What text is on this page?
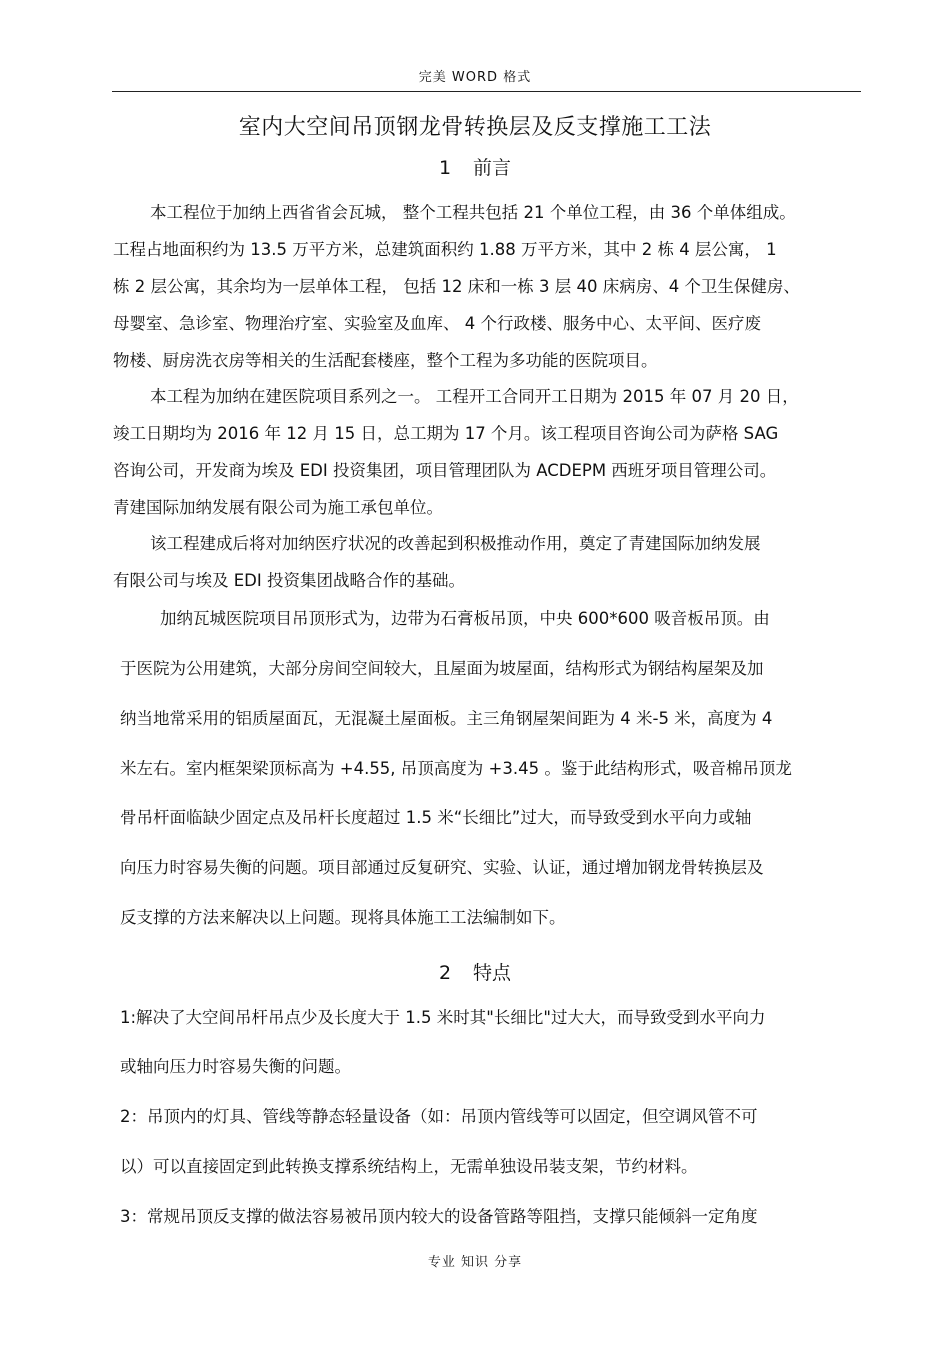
完美 WORD 格式
室内大空间吊顶钢龙骨转换层及反支撑施工工法
1 前言
本工程位于加纳上西省省会瓦城， 整个工程共包括 21 个单位工程，由 36 个单体组成。
工程占地面积约为 13.5 万平方米，总建筑面积约 1.88 万平方米，其中 2 栋 4 层公寓， 1
栋 2 层公寓，其余均为一层单体工程， 包括 12 床和一栋 3 层 40 床病房、4 个卫生保健房、
母婴室、急诊室、物理治疗室、实验室及血库、 4 个行政楼、服务中心、太平间、医疗废
物楼、厨房洗衣房等相关的生活配套楼座，整个工程为多功能的医院项目。
本工程为加纳在建医院项目系列之一。 工程开工合同开工日期为 2015 年 07 月 20 日，
竣工日期均为 2016 年 12 月 15 日，总工期为 17 个月。该工程项目咨询公司为萨格 SAG
咨询公司，开发商为埃及 EDI 投资集团，项目管理团队为 ACDEPM 西班牙项目管理公司。
青建国际加纳发展有限公司为施工承包单位。
该工程建成后将对加纳医疗状况的改善起到积极推动作用，奠定了青建国际加纳发展
有限公司与埃及 EDI 投资集团战略合作的基础。
加纳瓦城医院项目吊顶形式为，边带为石膏板吊顶，中央 600*600 吸音板吊顶。由
于医院为公用建筑，大部分房间空间较大，且屋面为坡屋面，结构形式为钢结构屋架及加
纳当地常采用的铝质屋面瓦，无混凝土屋面板。主三角钢屋架间距为 4 米-5 米，高度为 4
米左右。室内框架梁顶标高为 +4.55, 吊顶高度为 +3.45 。鉴于此结构形式，吸音棉吊顶龙
骨吊杆面临缺少固定点及吊杆长度超过 1.5 米“长细比”过大，而导致受到水平向力或轴
向压力时容易失衡的问题。项目部通过反复研究、实验、认证，通过增加钢龙骨转换层及
反支撑的方法来解决以上问题。现将具体施工工法编制如下。
2 特点
1:解决了大空间吊杆吊点少及长度大于 1.5 米时其"长细比"过大大，而导致受到水平向力
或轴向压力时容易失衡的问题。
2：吊顶内的灯具、管线等静态轻量设备（如：吊顶内管线等可以固定，但空调风管不可
以）可以直接固定到此转换支撑系统结构上，无需单独设吊装支架，节约材料。
3：常规吊顶反支撑的做法容易被吊顶内较大的设备管路等阻挡，支撑只能倾斜一定角度
专业 知识 分享
